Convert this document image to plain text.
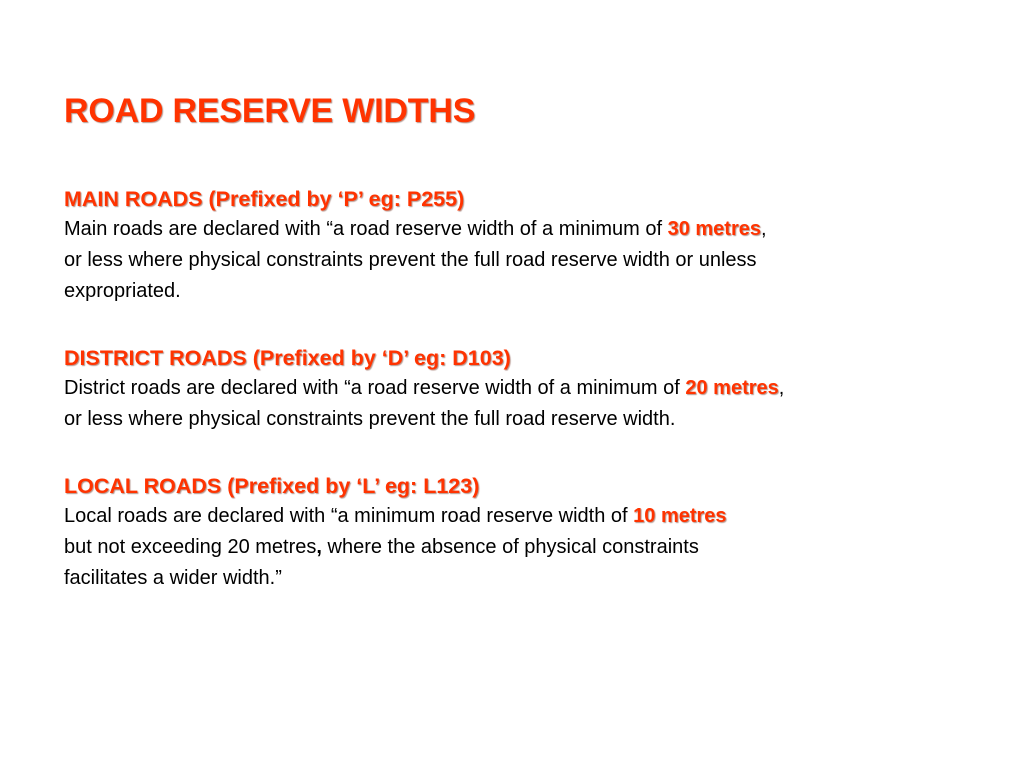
ROAD RESERVE WIDTHS
MAIN ROADS (Prefixed by ‘P’ eg: P255)

Main roads are declared with “a road reserve width of a minimum of 30 metres,
or less where physical constraints prevent the full road reserve width or unless
expropriated.

DISTRICT ROADS (Prefixed by ‘D’ eg: D103)

District roads are declared with “a road reserve width of a minimum of 20 metres,
or less where physical constraints prevent the full road reserve width.

LOCAL ROADS (Prefixed by ‘L’ eg: L123)

Local roads are declared with “a minimum road reserve width of 10 metres
but not exceeding 20 metres, where the absence of physical constraints
facilitates a wider width.”
